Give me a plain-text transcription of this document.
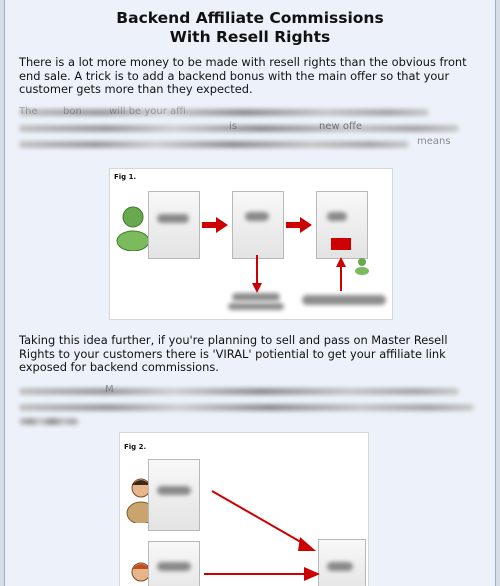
Backend Affiliate Commissions
With Resell Rights

There is a lot more money to be made with resell rights than the obvious front end sale. A trick is to add a backend bonus with the main offer so that your customer gets more than they expected.

The	bon	will be your affi
is	new offe
means
Fig 1.

Taking this idea further, if you're planning to sell and pass on Master Resell Rights to your customers there is 'VIRAL' potiential to get your affiliate link exposed for backend commissions.

M
Fig 2.
